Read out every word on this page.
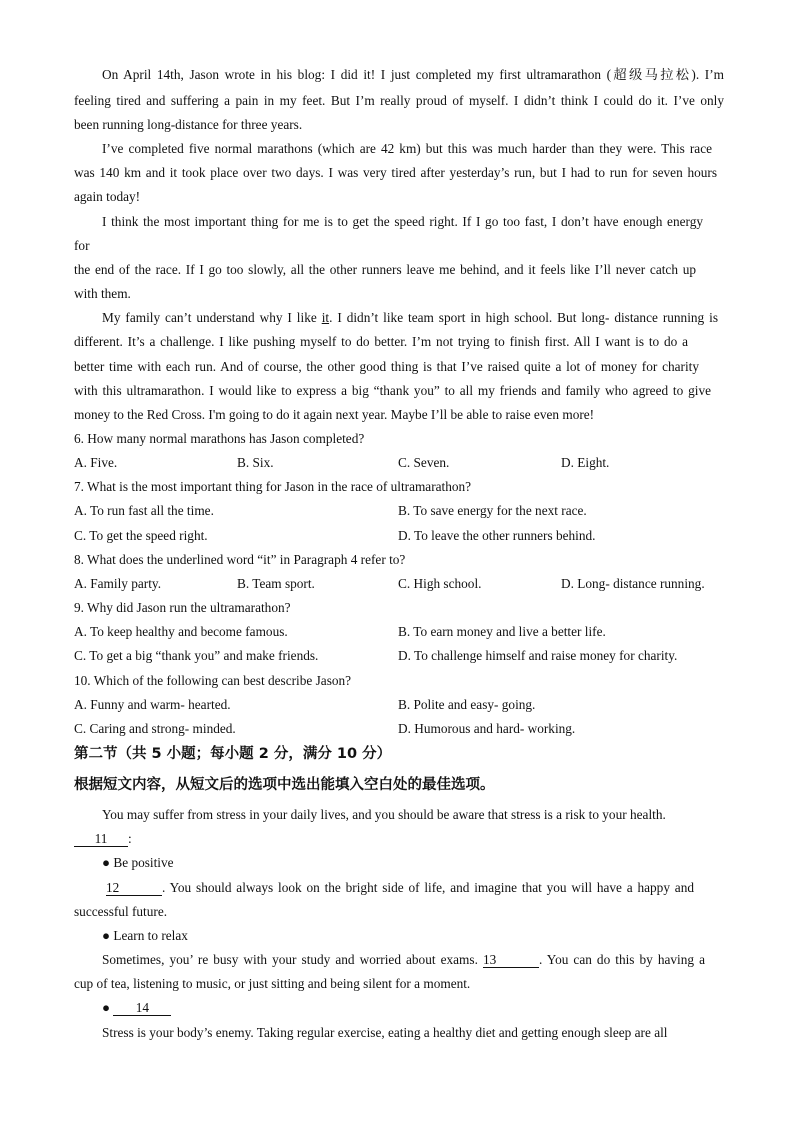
On April 14th, Jason wrote in his blog: I did it! I just completed my first ultramarathon (超级马拉松). I’m
feeling tired and suffering a pain in my feet. But I’m really proud of myself. I didn’t think I could do it. I’ve only
been running long-distance for three years.
I’ve completed five normal marathons (which are 42 km) but this was much harder than they were. This race
was 140 km and it took place over two days. I was very tired after yesterday’s run, but I had to run for seven hours
again today!
I think the most important thing for me is to get the speed right. If I go too fast, I don’t have enough energy
for
the end of the race. If I go too slowly, all the other runners leave me behind, and it feels like I’ll never catch up
with them.
My family can’t understand why I like it. I didn’t like team sport in high school. But long- distance running is
different. It’s a challenge. I like pushing myself to do better. I’m not trying to finish first. All I want is to do a
better time with each run. And of course, the other good thing is that I’ve raised quite a lot of money for charity
with this ultramarathon. I would like to express a big “thank you” to all my friends and family who agreed to give
money to the Red Cross. I'm going to do it again next year. Maybe I’ll be able to raise even more!
6. How many normal marathons has Jason completed?
A. Five.	B. Six.	C. Seven.	D. Eight.
7. What is the most important thing for Jason in the race of ultramarathon?
A. To run fast all the time.	B. To save energy for the next race.
C. To get the speed right.	D. To leave the other runners behind.
8. What does the underlined word “it” in Paragraph 4 refer to?
A. Family party.	B. Team sport.	C. High school.	D. Long- distance running.
9. Why did Jason run the ultramarathon?
A. To keep healthy and become famous.	B. To earn money and live a better life.
C. To get a big “thank you” and make friends.	D. To challenge himself and raise money for charity.
10. Which of the following can best describe Jason?
A. Funny and warm- hearted.	B. Polite and easy- going.
C. Caring and strong- minded.	D. Humorous and hard- working.
第二节（共 5 小题；每小题 2 分，满分 10 分）
根据短文内容，从短文后的选项中选出能填入空白处的最佳选项。
You may suffer from stress in your daily lives, and you should be aware that stress is a risk to your health.
11 :
● Be positive
12	. You should always look on the bright side of life, and imagine that you will have a happy and
successful future.
● Learn to relax
Sometimes, you’ re busy with your study and worried about exams. 13	. You can do this by having a
cup of tea, listening to music, or just sitting and being silent for a moment.
● 14
Stress is your body’s enemy. Taking regular exercise, eating a healthy diet and getting enough sleep are all
